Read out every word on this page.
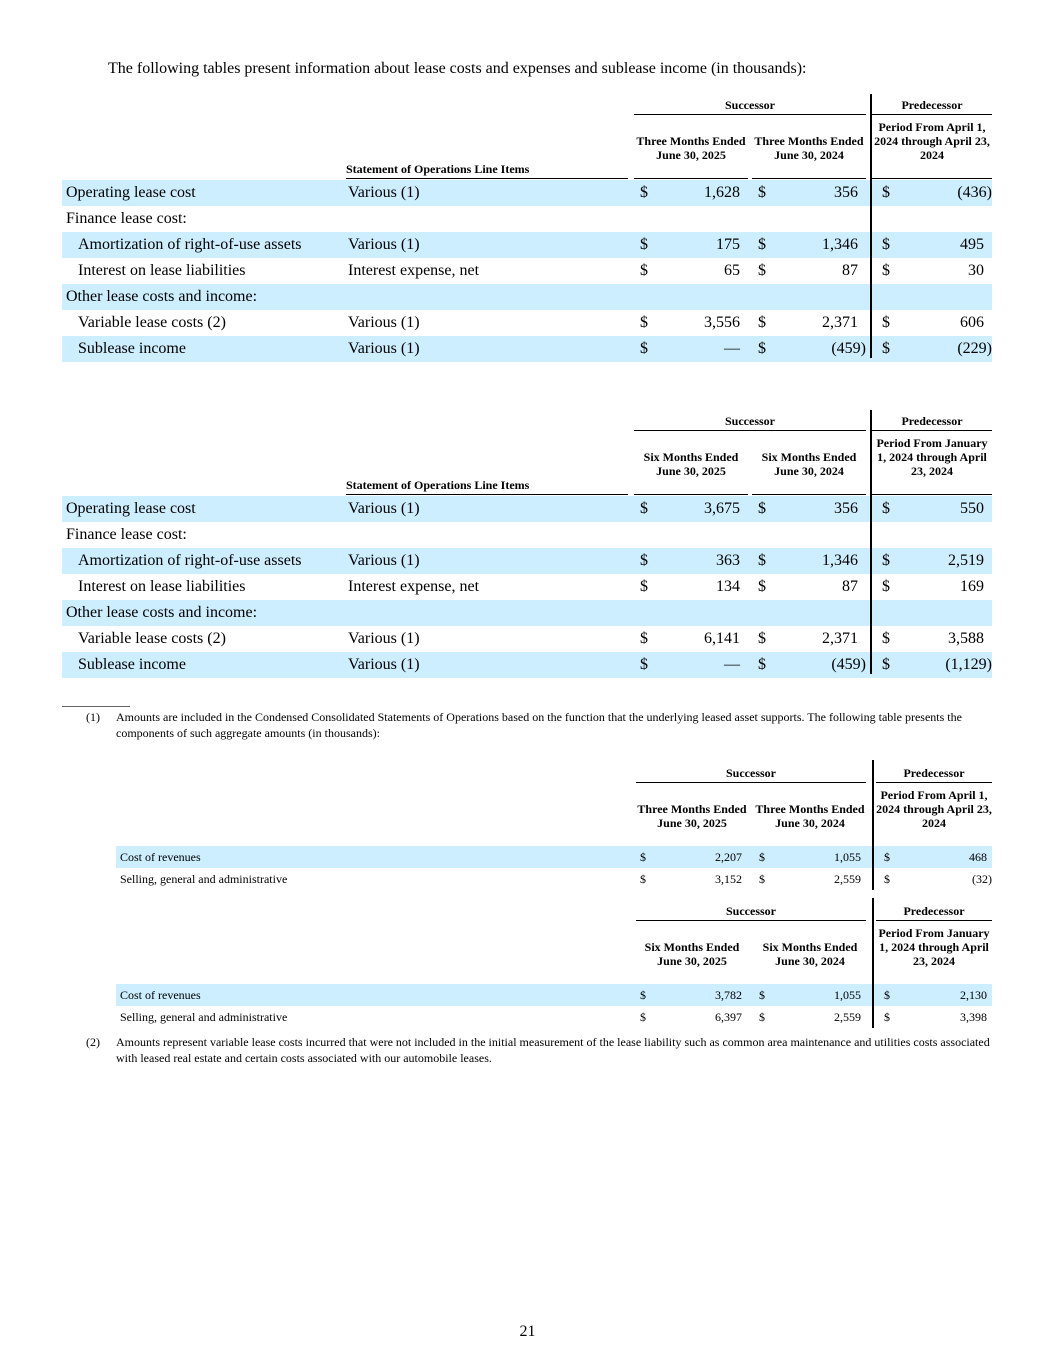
The following tables present information about lease costs and expenses and sublease income (in thousands):
Successor	Predecessor
Statement of Operations Line Items
Three Months Ended June 30, 2025
Three Months Ended June 30, 2024
Period From April 1, 2024 through April 23, 2024
Operating lease cost	Various (1)	$	1,628 $	356 $	(436)
Finance lease cost:
Amortization of right-of-use assets	Various (1)	$	175 $	1,346 $	495
Interest on lease liabilities	Interest expense, net	$	65 $	87 $	30
Other lease costs and income:
Variable lease costs (2)	Various (1)	$	3,556 $	2,371 $	606
Sublease income	Various (1)	$	— $	(459) $	(229)
Successor	Predecessor
Statement of Operations Line Items
Six Months Ended June 30, 2025
Six Months Ended June 30, 2024
Period From January 1, 2024 through April 23, 2024
Operating lease cost	Various (1)	$	3,675 $	356 $	550
Finance lease cost:
Amortization of right-of-use assets	Various (1)	$	363 $	1,346 $	2,519
Interest on lease liabilities	Interest expense, net	$	134 $	87 $	169
Other lease costs and income:
Variable lease costs (2)	Various (1)	$	6,141 $	2,371 $	3,588
Sublease income	Various (1)	$	— $	(459) $	(1,129)
(1) Amounts are included in the Condensed Consolidated Statements of Operations based on the function that the underlying leased asset supports. The following table presents the components of such aggregate amounts (in thousands):
Successor	Predecessor
Three Months Ended June 30, 2025
Three Months Ended June 30, 2024
Period From April 1, 2024 through April 23, 2024
Cost of revenues	$	2,207 $	1,055 $	468
Selling, general and administrative	$	3,152 $	2,559 $	(32)
Successor	Predecessor
Six Months Ended June 30, 2025
Six Months Ended June 30, 2024
Period From January 1, 2024 through April 23, 2024
Cost of revenues	$	3,782 $	1,055 $	2,130
Selling, general and administrative	$	6,397 $	2,559 $	3,398
(2) Amounts represent variable lease costs incurred that were not included in the initial measurement of the lease liability such as common area maintenance and utilities costs associated with leased real estate and certain costs associated with our automobile leases.
21
